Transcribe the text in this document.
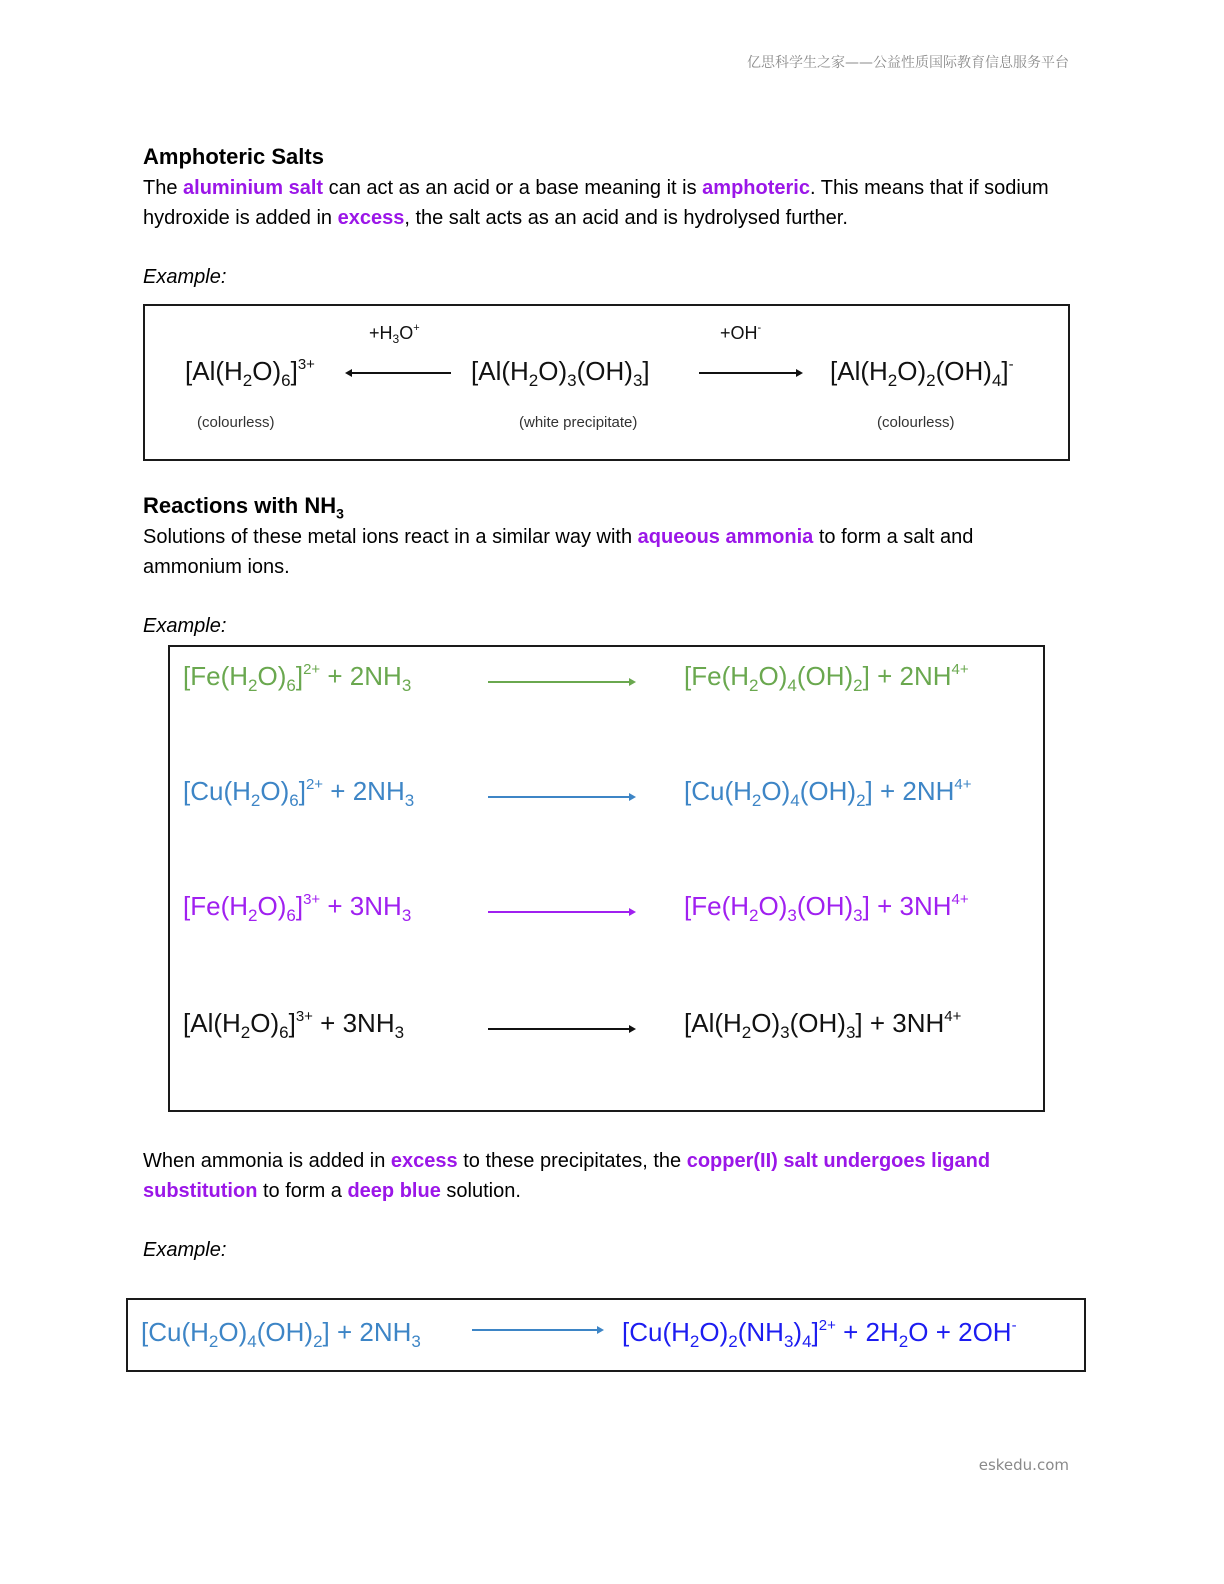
亿思科学生之家——公益性质国际教育信息服务平台
Amphoteric Salts
The aluminium salt can act as an acid or a base meaning it is amphoteric. This means that if sodium hydroxide is added in excess, the salt acts as an acid and is hydrolysed further.
Example:
$+H_3O^+$	+OH-
$[Al(H_2O)_6]^{3+}$	$[Al(H_2O)_3(OH)_3]$	$[Al(H_2O)_2(OH)_4]^-$
(colourless)	(white precipitate)	(colourless)
Reactions with $NH_3$
Solutions of these metal ions react in a similar way with aqueous ammonia to form a salt and ammonium ions.
Example:
$[Fe(H_2O)_6]^{2+} + 2NH_3$	$[Fe(H_2O)_4(OH)_2] + 2NH^{4+}$
$[Cu(H_2O)_6]^{2+} + 2NH_3$	$[Cu(H_2O)_4(OH)_2] + 2NH^{4+}$
$[Fe(H_2O)_6]^{3+} + 3NH_3$	$[Fe(H_2O)_3(OH)_3] + 3NH^{4+}$
$[Al(H_2O)_6]^{3+} + 3NH_3$	$[Al(H_2O)_3(OH)_3] + 3NH^{4+}$
When ammonia is added in excess to these precipitates, the copper(II) salt undergoes ligand substitution to form a deep blue solution.
Example:
$[Cu(H_2O)_4(OH)_2] + 2NH_3$	$[Cu(H_2O)_2(NH_3)_4]^{2+} + 2H_2O + 2OH^-$
eskedu.com
